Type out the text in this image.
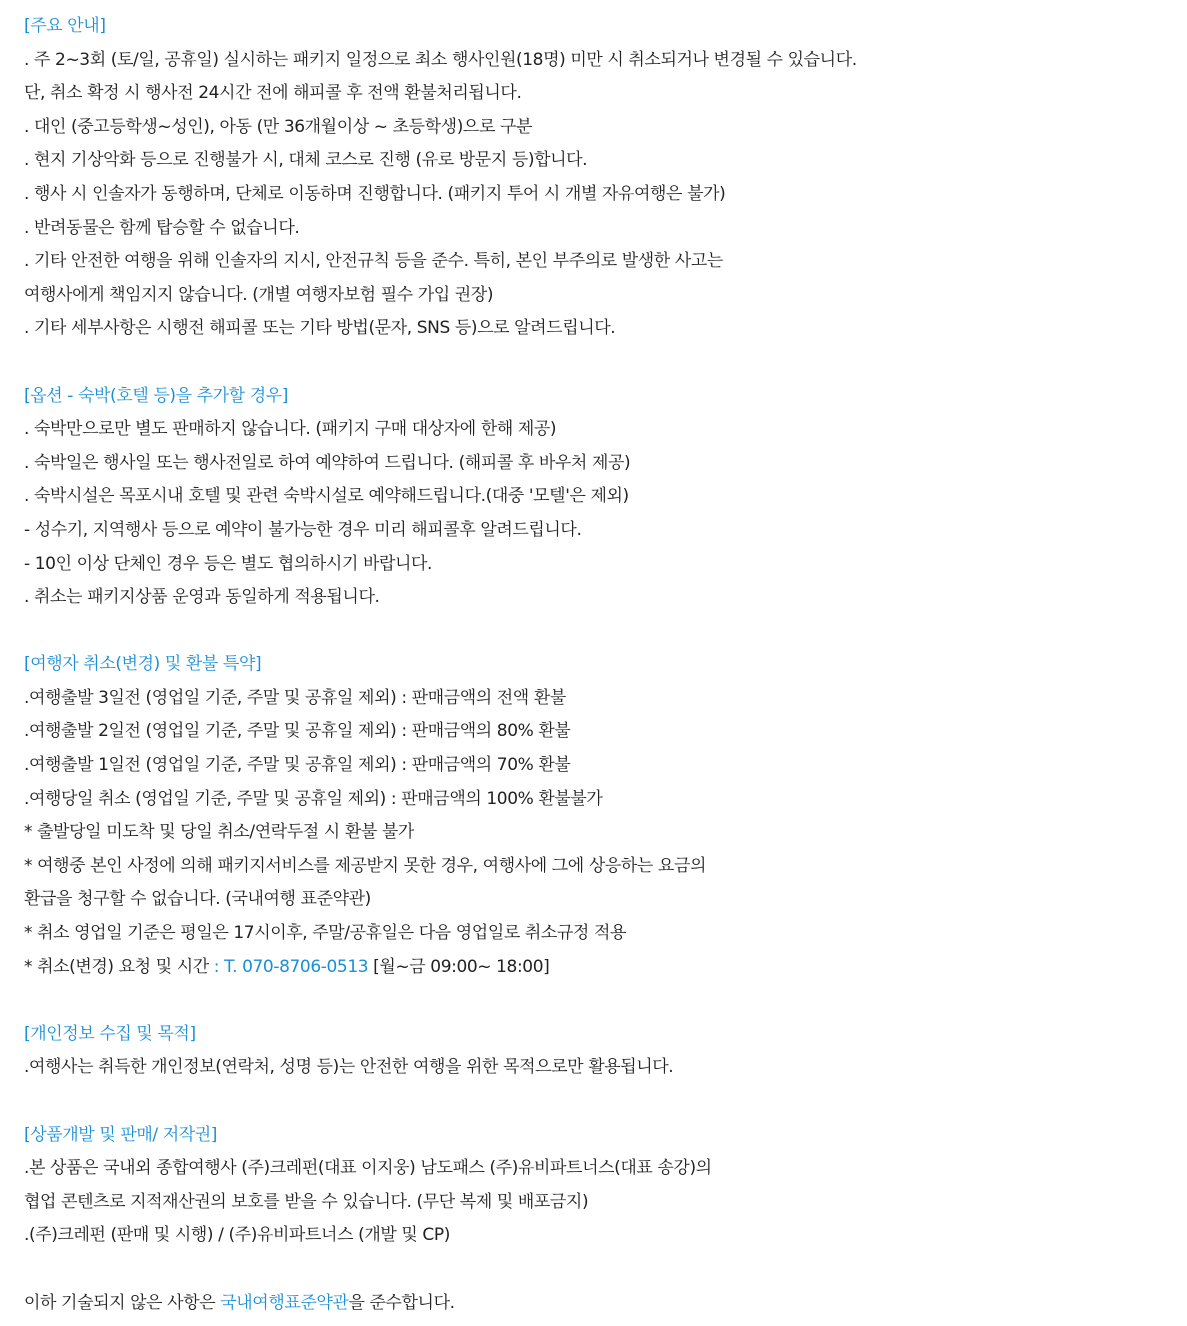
[주요 안내]
. 주 2~3회 (토/일, 공휴일) 실시하는 패키지 일정으로 최소 행사인원(18명) 미만 시 취소되거나 변경될 수 있습니다.
단, 취소 확정 시 행사전 24시간 전에 해피콜 후 전액 환불처리됩니다.
. 대인 (중고등학생~성인), 아동 (만 36개월이상 ~ 초등학생)으로 구분
. 현지 기상악화 등으로 진행불가 시, 대체 코스로 진행 (유로 방문지 등)합니다.
. 행사 시 인솔자가 동행하며, 단체로 이동하며 진행합니다. (패키지 투어 시 개별 자유여행은 불가)
. 반려동물은 함께 탑승할 수 없습니다.
. 기타 안전한 여행을 위해 인솔자의 지시, 안전규칙 등을 준수. 특히, 본인 부주의로 발생한 사고는
여행사에게 책임지지 않습니다. (개별 여행자보험 필수 가입 권장)
. 기타 세부사항은 시행전 해피콜 또는 기타 방법(문자, SNS 등)으로 알려드립니다.
[옵션 - 숙박(호텔 등)을 추가할 경우]
. 숙박만으로만 별도 판매하지 않습니다. (패키지 구매 대상자에 한해 제공)
. 숙박일은 행사일 또는 행사전일로 하여 예약하여 드립니다. (해피콜 후 바우처 제공)
. 숙박시설은 목포시내 호텔 및 관련 숙박시설로 예약해드립니다.(대중 '모텔'은 제외)
- 성수기, 지역행사 등으로 예약이 불가능한 경우 미리 해피콜후 알려드립니다.
- 10인 이상 단체인 경우 등은 별도 협의하시기 바랍니다.
. 취소는 패키지상품 운영과 동일하게 적용됩니다.
[여행자 취소(변경) 및 환불 특약]
.여행출발 3일전 (영업일 기준, 주말 및 공휴일 제외) : 판매금액의 전액 환불
.여행출발 2일전 (영업일 기준, 주말 및 공휴일 제외) : 판매금액의 80% 환불
.여행출발 1일전 (영업일 기준, 주말 및 공휴일 제외) : 판매금액의 70% 환불
.여행당일 취소 (영업일 기준, 주말 및 공휴일 제외) : 판매금액의 100% 환불불가
* 출발당일 미도착 및 당일 취소/연락두절 시 환불 불가
* 여행중 본인 사정에 의해 패키지서비스를 제공받지 못한 경우, 여행사에 그에 상응하는 요금의
환급을 청구할 수 없습니다. (국내여행 표준약관)
* 취소 영업일 기준은 평일은 17시이후, 주말/공휴일은 다음 영업일로 취소규정 적용
* 취소(변경) 요청 및 시간 : T. 070-8706-0513 [월~금 09:00~ 18:00]
[개인정보 수집 및 목적]
.여행사는 취득한 개인정보(연락처, 성명 등)는 안전한 여행을 위한 목적으로만 활용됩니다.
[상품개발 및 판매/ 저작권]
.본 상품은 국내외 종합여행사 (주)크레펀(대표 이지웅) 남도패스 (주)유비파트너스(대표 송강)의
협업 콘텐츠로 지적재산권의 보호를 받을 수 있습니다. (무단 복제 및 배포금지)
.(주)크레펀 (판매 및 시행) / (주)유비파트너스 (개발 및 CP)
이하 기술되지 않은 사항은 국내여행표준약관을 준수합니다.
